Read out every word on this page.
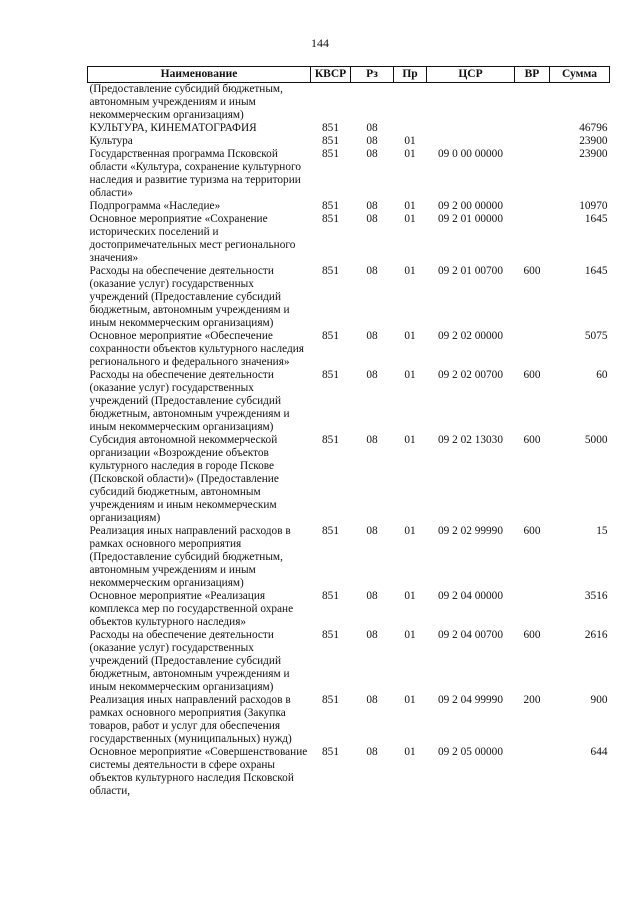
144
Наименование	КВСР	Рз	Пр	ЦСР	ВР	Сумма
(Предоставление субсидий бюджетным, автономным учреждениям и иным некоммерческим организациям)						
КУЛЬТУРА, КИНЕМАТОГРАФИЯ	851	08				46796
Культура	851	08	01			23900
Государственная программа Псковской области «Культура, сохранение культурного наследия и развитие туризма на территории области»	851	08	01	09 0 00 00000		23900
Подпрограмма «Наследие»	851	08	01	09 2 00 00000		10970
Основное мероприятие «Сохранение исторических поселений и достопримечательных мест регионального значения»	851	08	01	09 2 01 00000		1645
Расходы на обеспечение деятельности (оказание услуг) государственных учреждений (Предоставление субсидий бюджетным, автономным учреждениям и иным некоммерческим организациям)	851	08	01	09 2 01 00700	600	1645
Основное мероприятие «Обеспечение сохранности объектов культурного наследия регионального и федерального значения»	851	08	01	09 2 02 00000		5075
Расходы на обеспечение деятельности (оказание услуг) государственных учреждений (Предоставление субсидий бюджетным, автономным учреждениям и иным некоммерческим организациям)	851	08	01	09 2 02 00700	600	60
Субсидия автономной некоммерческой организации «Возрождение объектов культурного наследия в городе Пскове (Псковской области)» (Предоставление субсидий бюджетным, автономным учреждениям и иным некоммерческим организациям)	851	08	01	09 2 02 13030	600	5000
Реализация иных направлений расходов в рамках основного мероприятия (Предоставление субсидий бюджетным, автономным учреждениям и иным некоммерческим организациям)	851	08	01	09 2 02 99990	600	15
Основное мероприятие «Реализация комплекса мер по государственной охране объектов культурного наследия»	851	08	01	09 2 04 00000		3516
Расходы на обеспечение деятельности (оказание услуг) государственных учреждений (Предоставление субсидий бюджетным, автономным учреждениям и иным некоммерческим организациям)	851	08	01	09 2 04 00700	600	2616
Реализация иных направлений расходов в рамках основного мероприятия (Закупка товаров, работ и услуг для обеспечения государственных (муниципальных) нужд)	851	08	01	09 2 04 99990	200	900
Основное мероприятие «Совершенствование системы деятельности в сфере охраны объектов культурного наследия Псковской области,	851	08	01	09 2 05 00000		644
